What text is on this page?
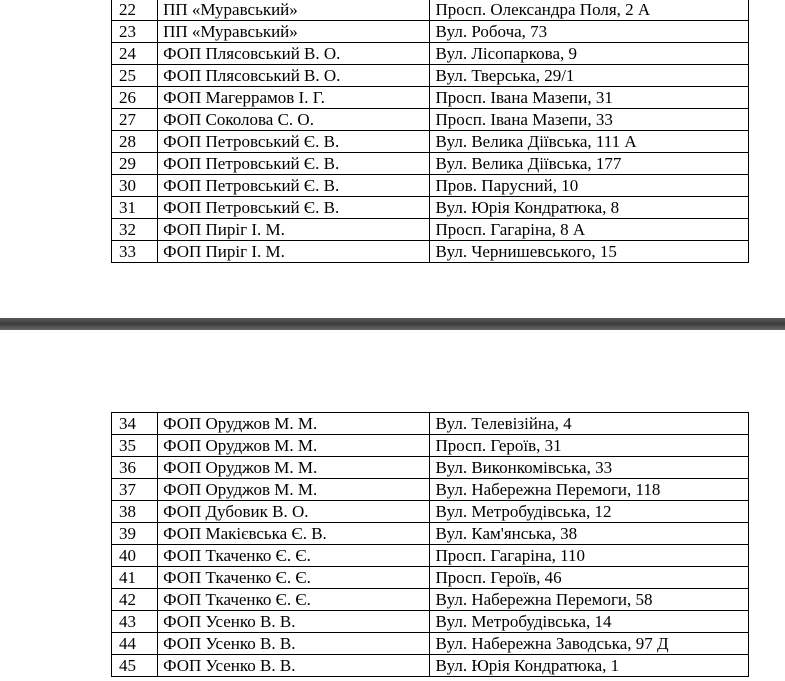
22	ПП «Муравський»	Просп. Олександра Поля, 2 А
23	ПП «Муравський»	Вул. Робоча, 73
24	ФОП Плясовський В. О.	Вул. Лісопаркова, 9
25	ФОП Плясовський В. О.	Вул. Тверська, 29/1
26	ФОП Магеррамов І. Г.	Просп. Івана Мазепи, 31
27	ФОП Соколова С. О.	Просп. Івана Мазепи, 33
28	ФОП Петровський Є. В.	Вул. Велика Діївська, 111 А
29	ФОП Петровський Є. В.	Вул. Велика Діївська, 177
30	ФОП Петровський Є. В.	Пров. Парусний, 10
31	ФОП Петровський Є. В.	Вул. Юрія Кондратюка, 8
32	ФОП Пиріг І. М.	Просп. Гагаріна, 8 А
33	ФОП Пиріг І. М.	Вул. Чернишевського, 15
34	ФОП Оруджов М. М.	Вул. Телевізійна, 4
35	ФОП Оруджов М. М.	Просп. Героїв, 31
36	ФОП Оруджов М. М.	Вул. Виконкомівська, 33
37	ФОП Оруджов М. М.	Вул. Набережна Перемоги, 118
38	ФОП Дубовик В. О.	Вул. Метробудівська, 12
39	ФОП Макієвська Є. В.	Вул. Кам'янська, 38
40	ФОП Ткаченко Є. Є.	Просп. Гагаріна, 110
41	ФОП Ткаченко Є. Є.	Просп. Героїв, 46
42	ФОП Ткаченко Є. Є.	Вул. Набережна Перемоги, 58
43	ФОП Усенко В. В.	Вул. Метробудівська, 14
44	ФОП Усенко В. В.	Вул. Набережна Заводська, 97 Д
45	ФОП Усенко В. В.	Вул. Юрія Кондратюка, 1
